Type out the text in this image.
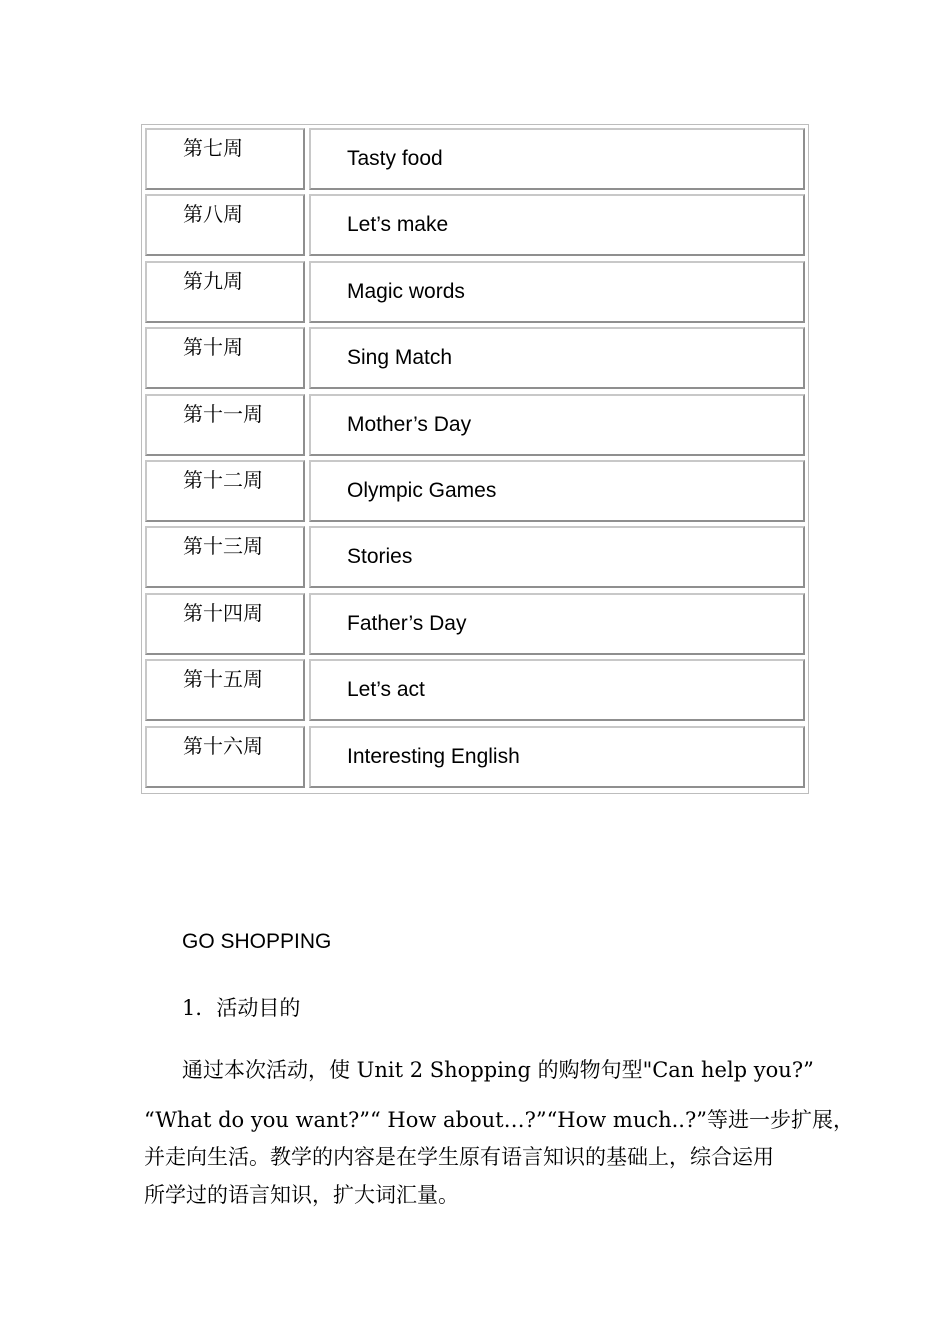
第七周	Tasty food
第八周	Let’s make
第九周	Magic words
第十周	Sing Match
第十一周	Mother’s Day
第十二周	Olympic Games
第十三周	Stories
第十四周	Father’s Day
第十五周	Let’s act
第十六周	Interesting English
GO SHOPPING
1．活动目的
通过本次活动，使 Unit 2 Shopping 的购物句型"Can help you?”
“What do you want?”“ How about…?”“How much..?”等进一步扩展，
并走向生活。教学的内容是在学生原有语言知识的基础上，综合运用
所学过的语言知识，扩大词汇量。
